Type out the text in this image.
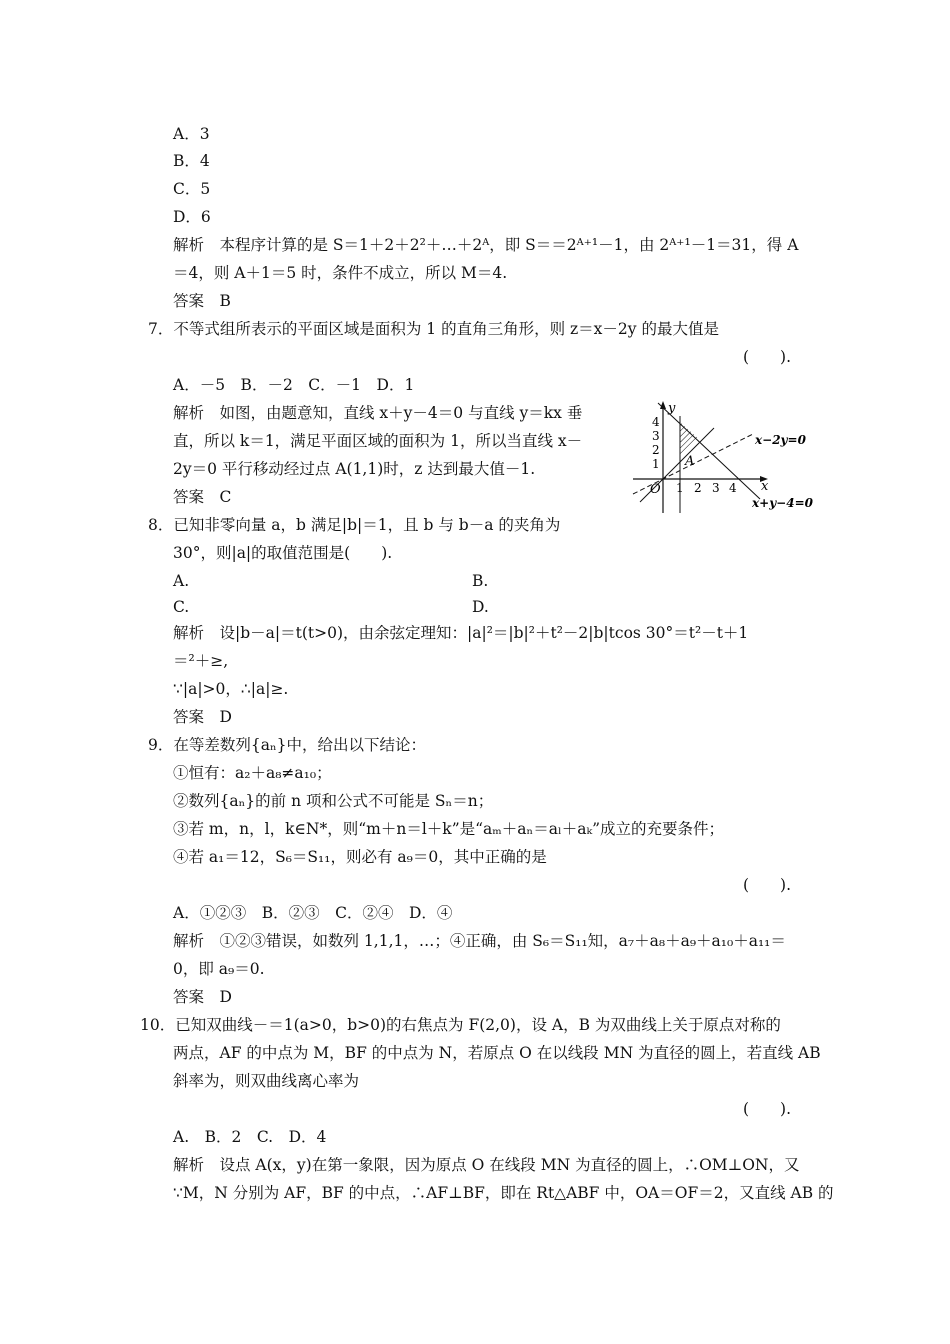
A．3

B．4

C．5

D．6

解析　本程序计算的是 S＝1＋2＋2²＋…＋2ᴬ，即 S＝＝2ᴬ⁺¹－1，由 2ᴬ⁺¹－1＝31，得 A

＝4，则 A＋1＝5 时，条件不成立，所以 M＝4.

答案　B

7．不等式组所表示的平面区域是面积为 1 的直角三角形，则 z＝x－2y 的最大值是

(　　).

A．－5　B．－2　C．－1　D．1

解析　如图，由题意知，直线 x＋y－4＝0 与直线 y＝kx 垂

直，所以 k＝1，满足平面区域的面积为 1，所以当直线 x－

2y＝0 平行移动经过点 A(1,1)时，z 达到最大值－1.

答案　C

y
x
O
A
4
3
2
1
1 2 3 4
x−2y=0
x+y−4=0

8．已知非零向量 a，b 满足|b|＝1，且 b 与 b－a 的夹角为

30°，则|a|的取值范围是(　　).

A.	B.

C.	D.

解析　设|b－a|＝t(t>0)，由余弦定理知：|a|²＝|b|²＋t²－2|b|tcos 30°＝t²－t＋1

＝²＋≥,

∵|a|>0，∴|a|≥.

答案　D

9．在等差数列{aₙ}中，给出以下结论：

①恒有：a₂＋a₈≠a₁₀；

②数列{aₙ}的前 n 项和公式不可能是 Sₙ＝n；

③若 m，n，l，k∈N*，则“m＋n＝l＋k”是“aₘ＋aₙ＝aₗ＋aₖ”成立的充要条件；

④若 a₁＝12，S₆＝S₁₁，则必有 a₉＝0，其中正确的是

(　　).

A．①②③　B．②③　C．②④　D．④

解析　①②③错误，如数列 1,1,1，…；④正确，由 S₆＝S₁₁知，a₇＋a₈＋a₉＋a₁₀＋a₁₁＝

0，即 a₉＝0.

答案　D

10．已知双曲线－＝1(a>0，b>0)的右焦点为 F(2,0)，设 A，B 为双曲线上关于原点对称的

两点，AF 的中点为 M，BF 的中点为 N，若原点 O 在以线段 MN 为直径的圆上，若直线 AB

斜率为，则双曲线离心率为

(　　).

A.　B．2　C.　D．4

解析　设点 A(x，y)在第一象限，因为原点 O 在线段 MN 为直径的圆上，∴OM⊥ON，又

∵M，N 分别为 AF，BF 的中点，∴AF⊥BF，即在 Rt△ABF 中，OA＝OF＝2，又直线 AB 的
